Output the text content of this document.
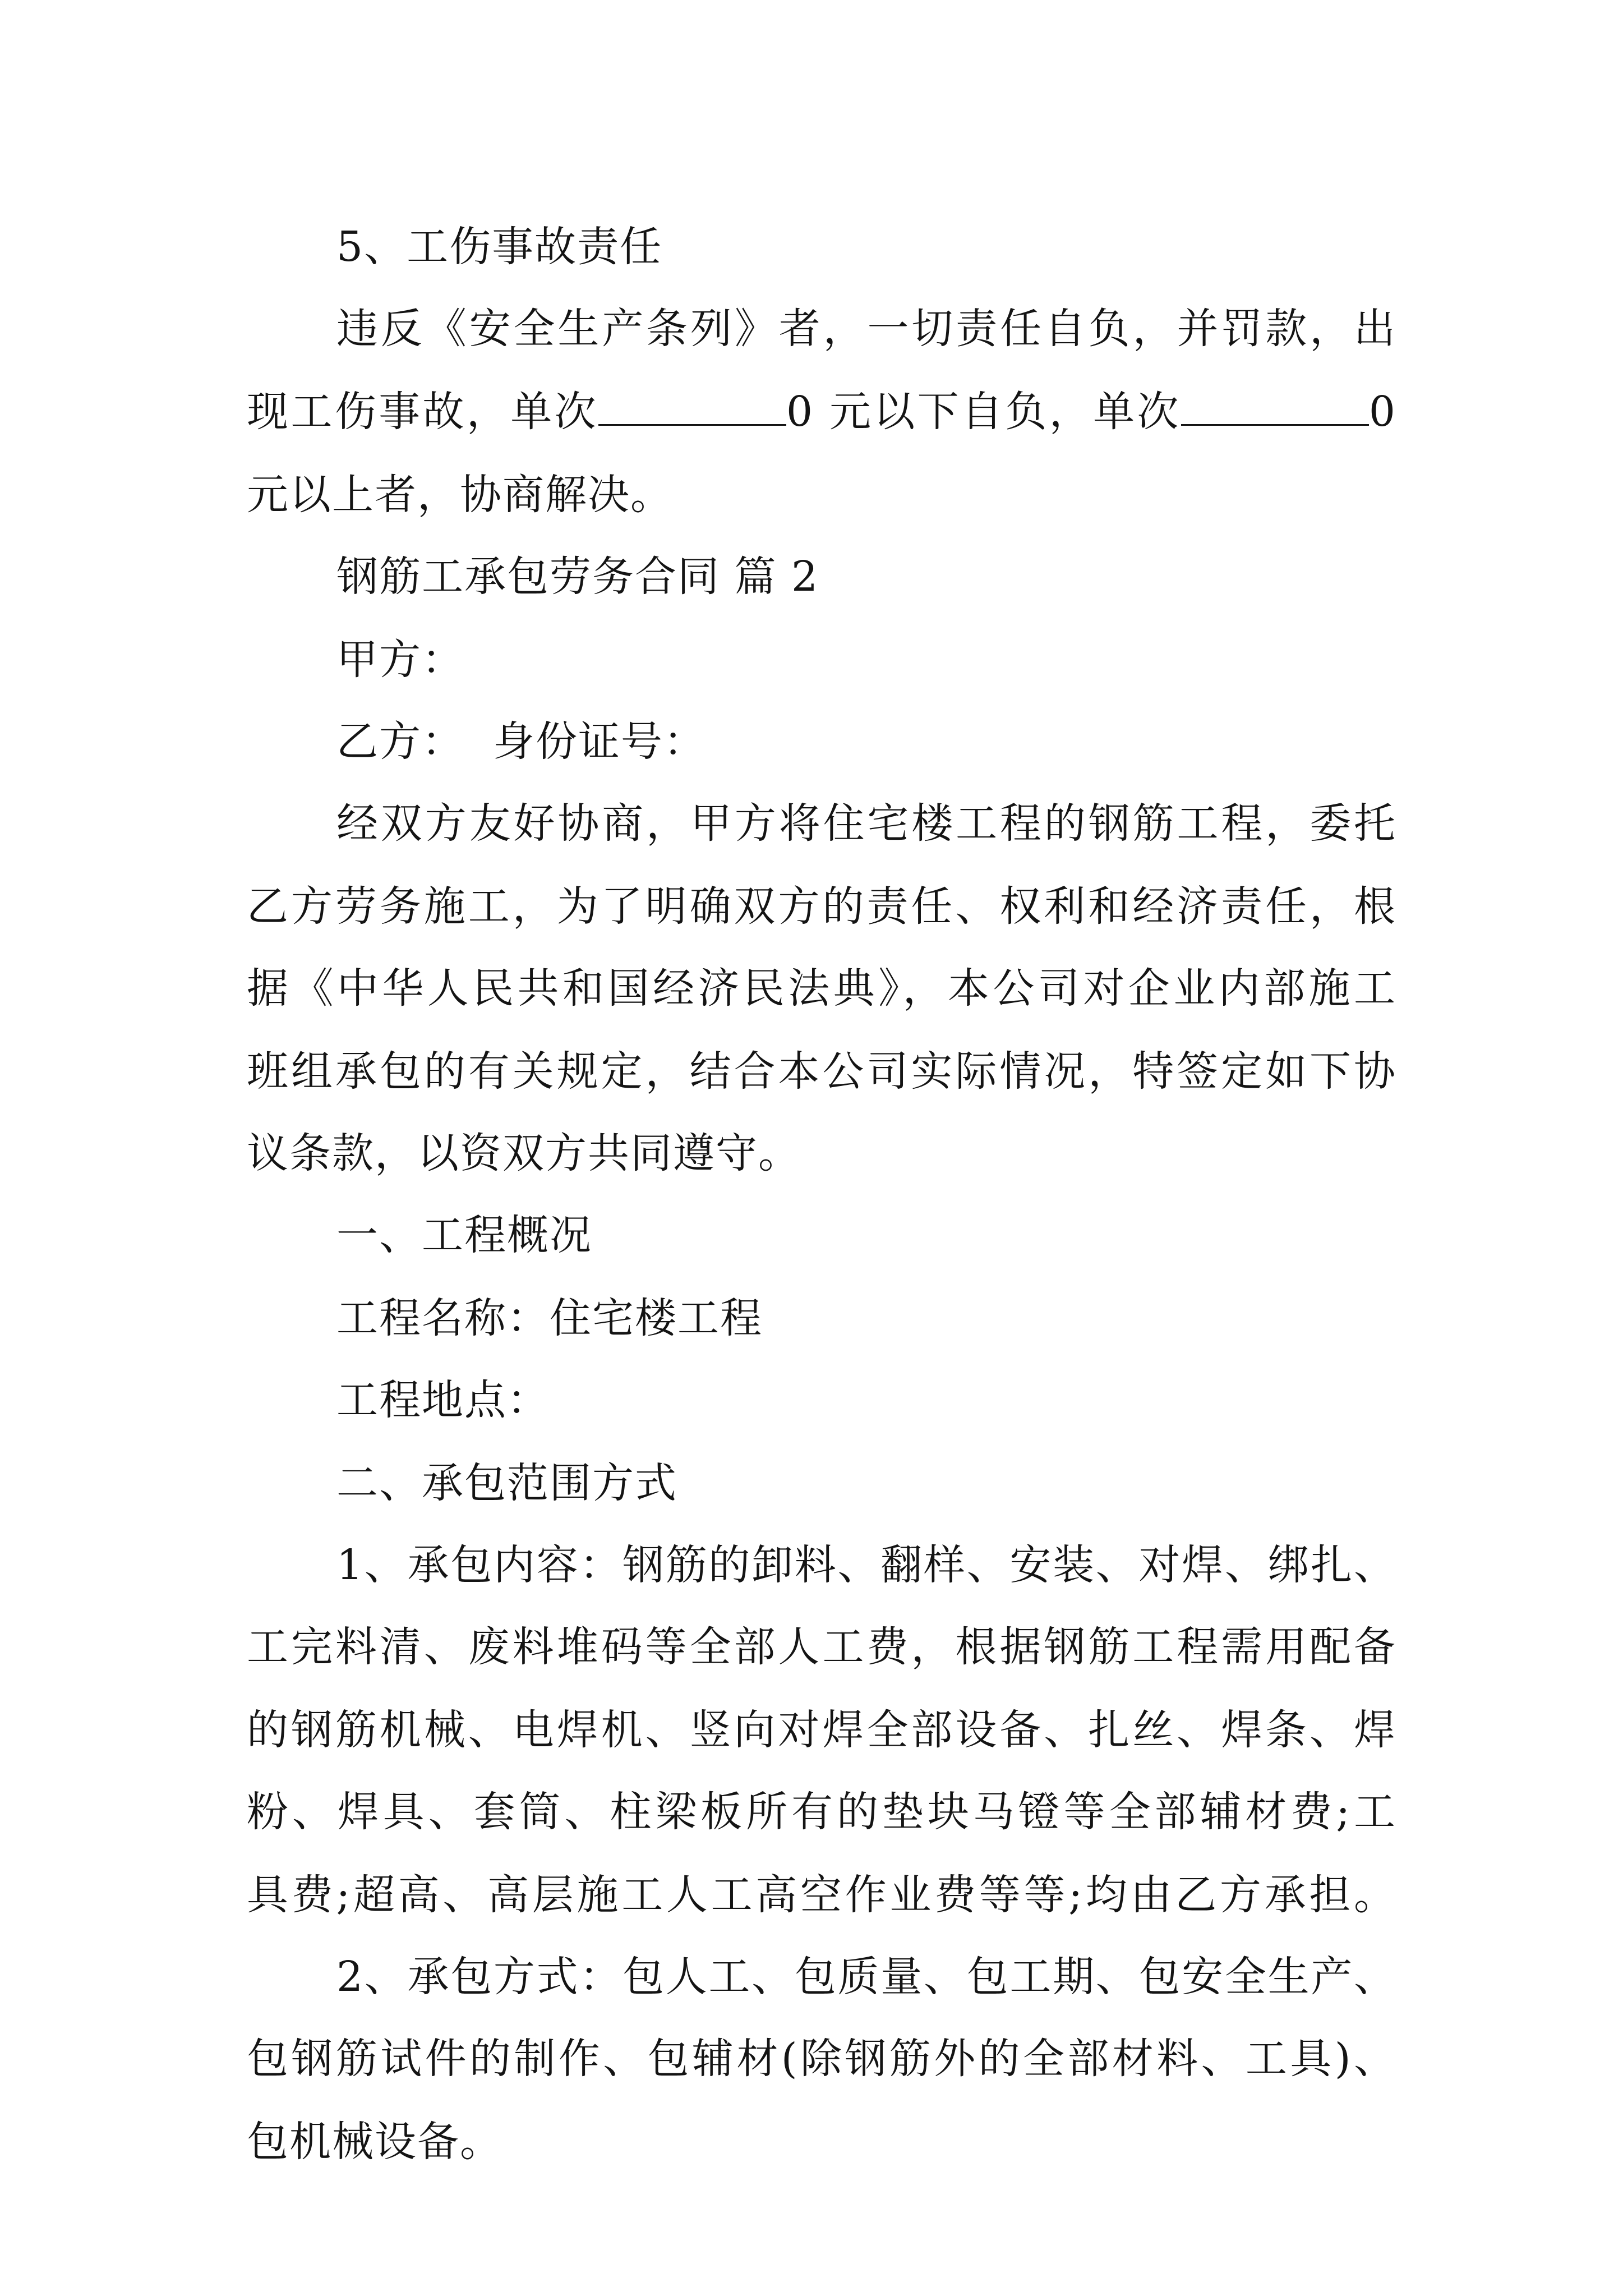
5、工伤事故责任
违反《安全生产条列》者，一切责任自负，并罚款，出
现工伤事故，单次	0 元以下自负，单次	0
元以上者，协商解决。
钢筋工承包劳务合同 篇 2
甲方：
乙方：  身份证号：
经双方友好协商，甲方将住宅楼工程的钢筋工程，委托
乙方劳务施工，为了明确双方的责任、权利和经济责任，根
据《中华人民共和国经济民法典》，本公司对企业内部施工
班组承包的有关规定，结合本公司实际情况，特签定如下协
议条款，以资双方共同遵守。
一、工程概况
工程名称：住宅楼工程
工程地点：
二、承包范围方式
1、承包内容：钢筋的卸料、翻样、安装、对焊、绑扎、
工完料清、废料堆码等全部人工费，根据钢筋工程需用配备
的钢筋机械、电焊机、竖向对焊全部设备、扎丝、焊条、焊
粉、焊具、套筒、柱梁板所有的垫块马镫等全部辅材费;工
具费;超高、高层施工人工高空作业费等等;均由乙方承担。
2、承包方式：包人工、包质量、包工期、包安全生产、
包钢筋试件的制作、包辅材(除钢筋外的全部材料、工具)、
包机械设备。
